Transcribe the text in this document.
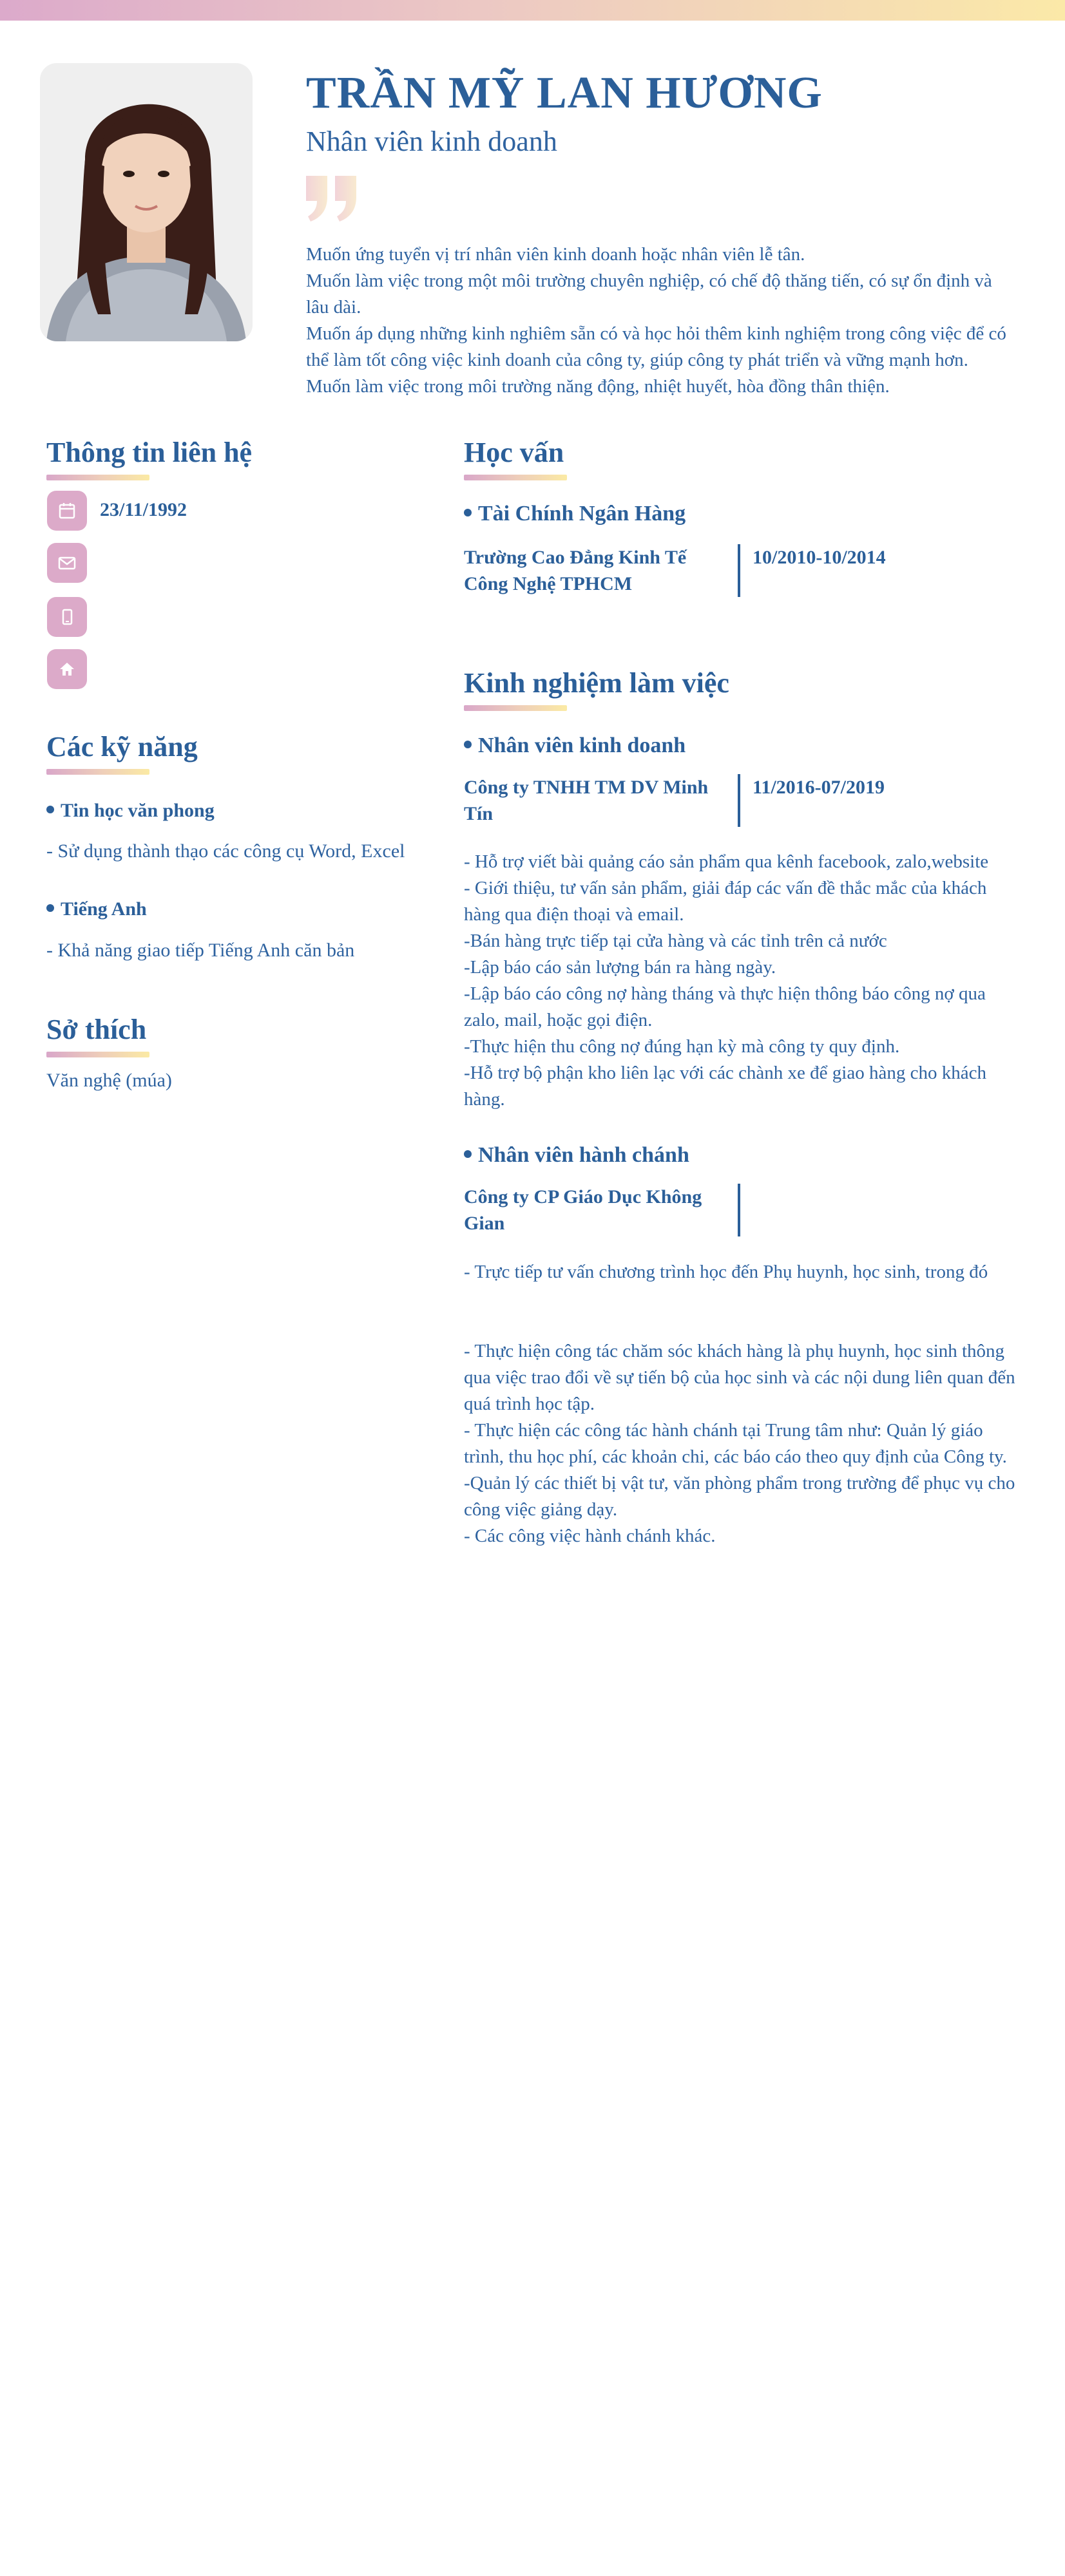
TRẦN MỸ LAN HƯƠNG
Nhân viên kinh doanh

Muốn ứng tuyển vị trí nhân viên kinh doanh hoặc nhân viên lễ tân.

Muốn làm việc trong một môi trường chuyên nghiệp, có chế độ thăng tiến, có sự ổn định và lâu dài.

Muốn áp dụng những kinh nghiêm sẵn có và học hỏi thêm kinh nghiệm trong công việc để có thể làm tốt công việc kinh doanh của công ty, giúp công ty phát triển và vững mạnh hơn.

Muốn làm việc trong môi trường năng động, nhiệt huyết, hòa đồng thân thiện.

Thông tin liên hệ
23/11/1992
Các kỹ năng
Tin học văn phong
- Sử dụng thành thạo các công cụ Word, Excel
Tiếng Anh
- Khả năng giao tiếp Tiếng Anh căn bản
Sở thích
Văn nghệ (múa)
Học vấn
Tài Chính Ngân Hàng
Trường Cao Đẳng Kinh Tế Công Nghệ TPHCM
10/2010-10/2014
Kinh nghiệm làm việc
Nhân viên kinh doanh
Công ty TNHH TM DV Minh Tín
11/2016-07/2019

- Hỗ trợ viết bài quảng cáo sản phẩm qua kênh facebook, zalo,website

- Giới thiệu, tư vấn sản phẩm, giải đáp các vấn đề thắc mắc của khách hàng qua điện thoại và email.

-Bán hàng trực tiếp tại cửa hàng và các tỉnh trên cả nước

-Lập báo cáo sản lượng bán ra hàng ngày.

-Lập báo cáo công nợ hàng tháng và thực hiện thông báo công nợ qua zalo, mail, hoặc gọi điện.

-Thực hiện thu công nợ đúng hạn kỳ mà công ty quy định.

-Hỗ trợ bộ phận kho liên lạc với các chành xe để giao hàng cho khách hàng.

Nhân viên hành chánh
Công ty CP Giáo Dục Không Gian
- Trực tiếp tư vấn chương trình học đến Phụ huynh, học sinh, trong đó

- Thực hiện công tác chăm sóc khách hàng là phụ huynh, học sinh thông qua việc trao đổi về sự tiến bộ của học sinh và các nội dung liên quan đến quá trình học tập.

- Thực hiện các công tác hành chánh tại Trung tâm như: Quản lý giáo trình, thu học phí, các khoản chi, các báo cáo theo quy định của Công ty.

-Quản lý các thiết bị vật tư, văn phòng phẩm trong trường để phục vụ cho công việc giảng dạy.

- Các công việc hành chánh khác.
